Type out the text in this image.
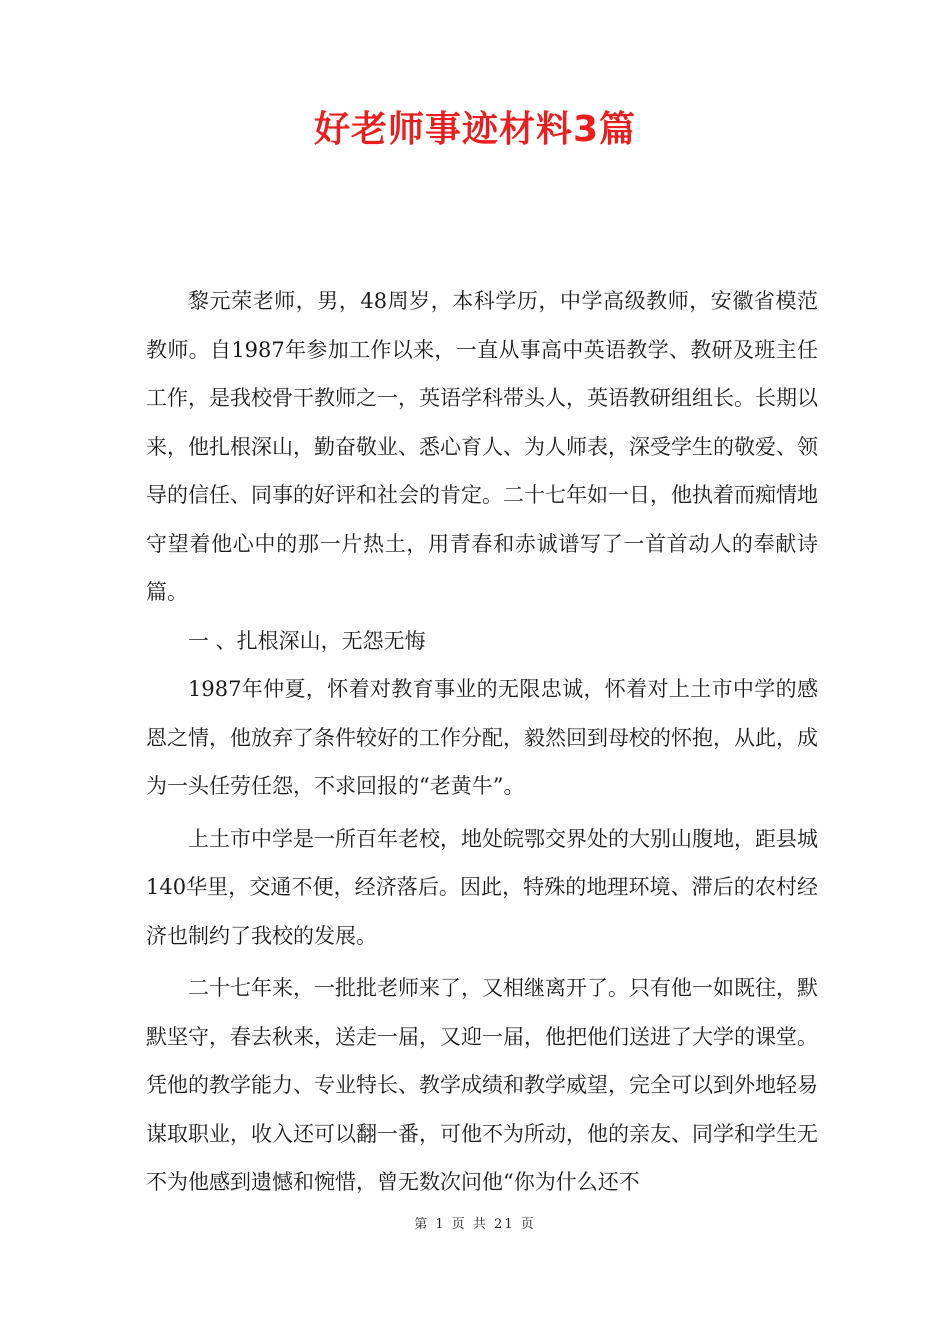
好老师事迹材料3篇

黎元荣老师，男，48周岁，本科学历，中学高级教师，安徽省模范教师。自1987年参加工作以来，一直从事高中英语教学、教研及班主任工作，是我校骨干教师之一，英语学科带头人，英语教研组组长。长期以来，他扎根深山，勤奋敬业、悉心育人、为人师表，深受学生的敬爱、领导的信任、同事的好评和社会的肯定。二十七年如一日，他执着而痴情地守望着他心中的那一片热土，用青春和赤诚谱写了一首首动人的奉献诗篇。

一 、扎根深山，无怨无悔

1987年仲夏，怀着对教育事业的无限忠诚，怀着对上土市中学的感恩之情，他放弃了条件较好的工作分配，毅然回到母校的怀抱，从此，成为一头任劳任怨，不求回报的“老黄牛”。

上土市中学是一所百年老校，地处皖鄂交界处的大别山腹地，距县城140华里，交通不便，经济落后。因此，特殊的地理环境、滞后的农村经济也制约了我校的发展。

二十七年来，一批批老师来了，又相继离开了。只有他一如既往，默默坚守，春去秋来，送走一届，又迎一届，他把他们送进了大学的课堂。凭他的教学能力、专业特长、教学成绩和教学威望，完全可以到外地轻易谋取职业，收入还可以翻一番，可他不为所动，他的亲友、同学和学生无不为他感到遗憾和惋惜，曾无数次问他“你为什么还不

第 1 页 共 21 页
